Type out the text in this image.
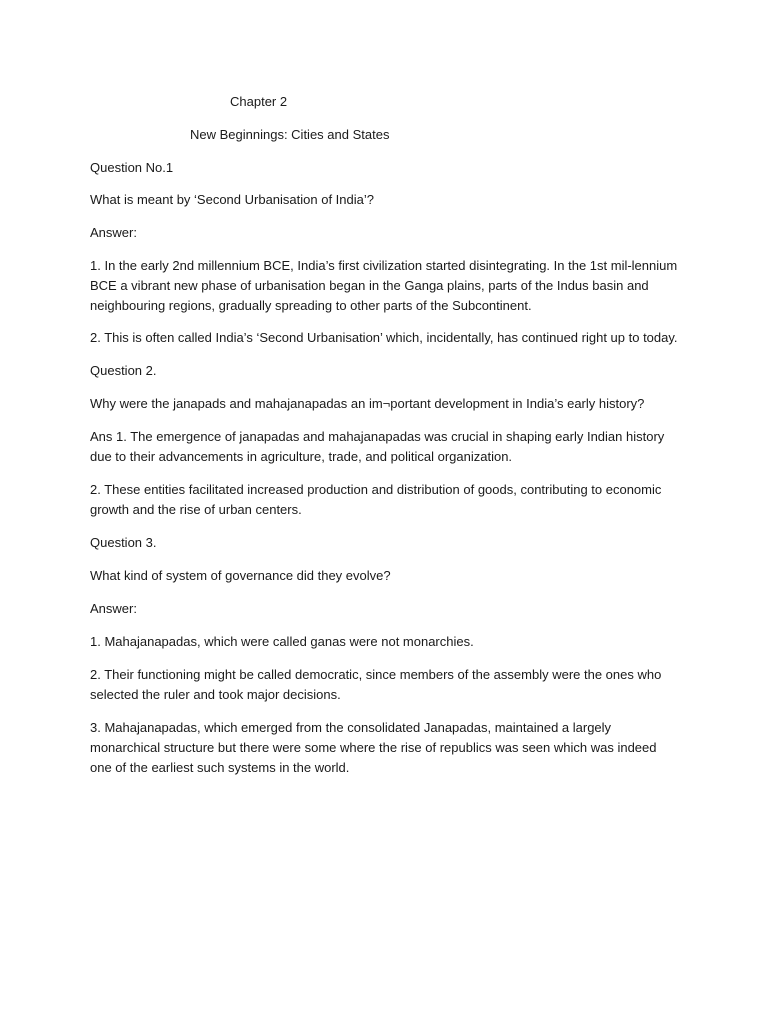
Chapter 2

New Beginnings: Cities and States

Question No.1

What is meant by ‘Second Urbanisation of India’?

Answer:

1. In the early 2nd millennium BCE, India’s first civilization started disintegrating. In the 1st mil-lennium BCE a vibrant new phase of urbanisation began in the Ganga plains, parts of the Indus basin and neighbouring regions, gradually spreading to other parts of the Subcontinent.

2. This is often called India’s ‘Second Urbanisation’ which, incidentally, has continued right up to today.

Question 2.

Why were the janapads and mahajanapadas an im¬portant development in India’s early history?

Ans 1. The emergence of janapadas and mahajanapadas was crucial in shaping early Indian history due to their advancements in agriculture, trade, and political organization.

2. These entities facilitated increased production and distribution of goods, contributing to economic growth and the rise of urban centers.

Question 3.

What kind of system of governance did they evolve?

Answer:

1. Mahajanapadas, which were called ganas were not monarchies.

2. Their functioning might be called democratic, since members of the assembly were the ones who selected the ruler and took major decisions.

3. Mahajanapadas, which emerged from the consolidated Janapadas, maintained a largely monarchical structure but there were some where the rise of republics was seen which was indeed one of the earliest such systems in the world.
